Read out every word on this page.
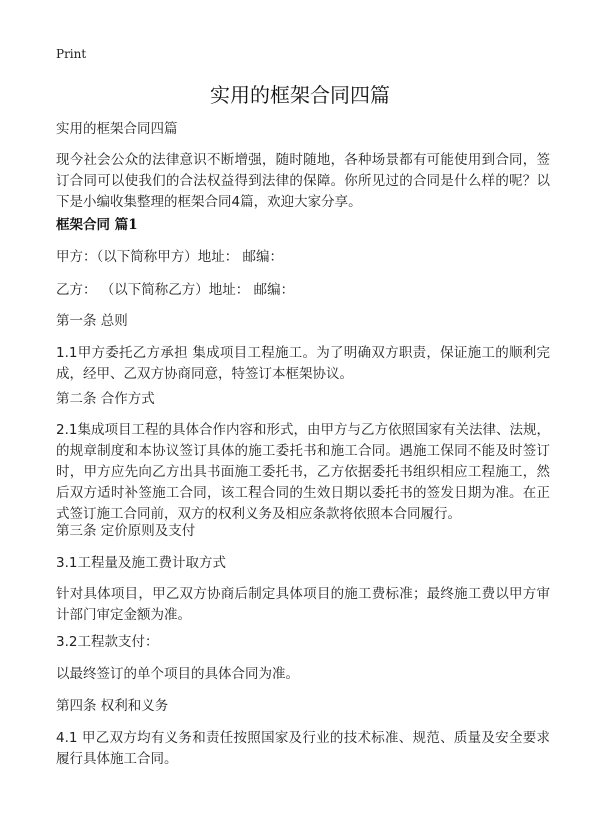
Print
实用的框架合同四篇

实用的框架合同四篇

现今社会公众的法律意识不断增强，随时随地，各种场景都有可能使用到合同，签订合同可以使我们的合法权益得到法律的保障。你所见过的合同是什么样的呢？以下是小编收集整理的框架合同4篇，欢迎大家分享。

框架合同 篇1

甲方：（以下简称甲方）地址： 邮编：

乙方： （以下简称乙方）地址： 邮编：

第一条 总则

1.1甲方委托乙方承担 集成项目工程施工。为了明确双方职责，保证施工的顺利完成，经甲、乙双方协商同意，特签订本框架协议。

第二条 合作方式

2.1集成项目工程的具体合作内容和形式，由甲方与乙方依照国家有关法律、法规，的规章制度和本协议签订具体的施工委托书和施工合同。遇施工保同不能及时签订时，甲方应先向乙方出具书面施工委托书，乙方依据委托书组织相应工程施工，然后双方适时补签施工合同，该工程合同的生效日期以委托书的签发日期为准。在正式签订施工合同前，双方的权利义务及相应条款将依照本合同履行。

第三条 定价原则及支付

3.1工程量及施工费计取方式

针对具体项目，甲乙双方协商后制定具体项目的施工费标准；最终施工费以甲方审计部门审定金额为准。

3.2工程款支付：

以最终签订的单个项目的具体合同为准。

第四条 权利和义务

4.1 甲乙双方均有义务和责任按照国家及行业的技术标准、规范、质量及安全要求履行具体施工合同。
